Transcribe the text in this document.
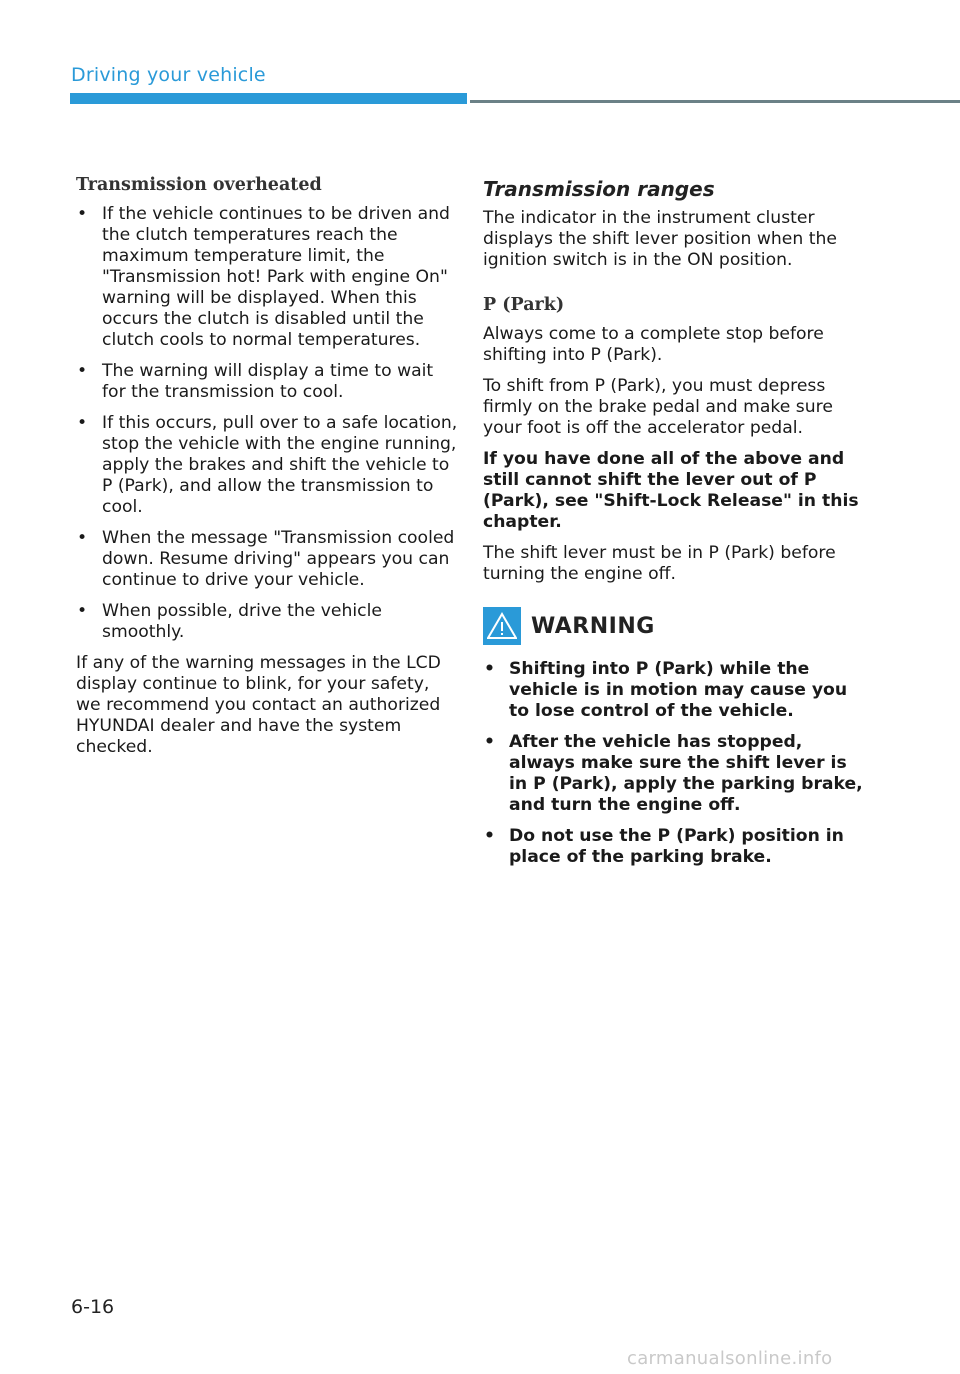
Driving your vehicle
Transmission overheated
• If the vehicle continues to be driven and the clutch temperatures reach the maximum temperature limit, the "Transmission hot! Park with engine On" warning will be displayed. When this occurs the clutch is disabled until the clutch cools to normal temperatures.
• The warning will display a time to wait for the transmission to cool.
• If this occurs, pull over to a safe location, stop the vehicle with the engine running, apply the brakes and shift the vehicle to P (Park), and allow the transmission to cool.
• When the message "Transmission cooled down. Resume driving" appears you can continue to drive your vehicle.
• When possible, drive the vehicle smoothly.

If any of the warning messages in the LCD display continue to blink, for your safety, we recommend you contact an authorized HYUNDAI dealer and have the system checked.

Transmission ranges

The indicator in the instrument cluster displays the shift lever position when the ignition switch is in the ON position.

P (Park)

Always come to a complete stop before shifting into P (Park).

To shift from P (Park), you must depress firmly on the brake pedal and make sure your foot is off the accelerator pedal.

If you have done all of the above and still cannot shift the lever out of P (Park), see "Shift-Lock Release" in this chapter.

The shift lever must be in P (Park) before turning the engine off.

WARNING
• Shifting into P (Park) while the vehicle is in motion may cause you to lose control of the vehicle.
• After the vehicle has stopped, always make sure the shift lever is in P (Park), apply the parking brake, and turn the engine off.
• Do not use the P (Park) position in place of the parking brake.
6-16
carmanualsonline.info
